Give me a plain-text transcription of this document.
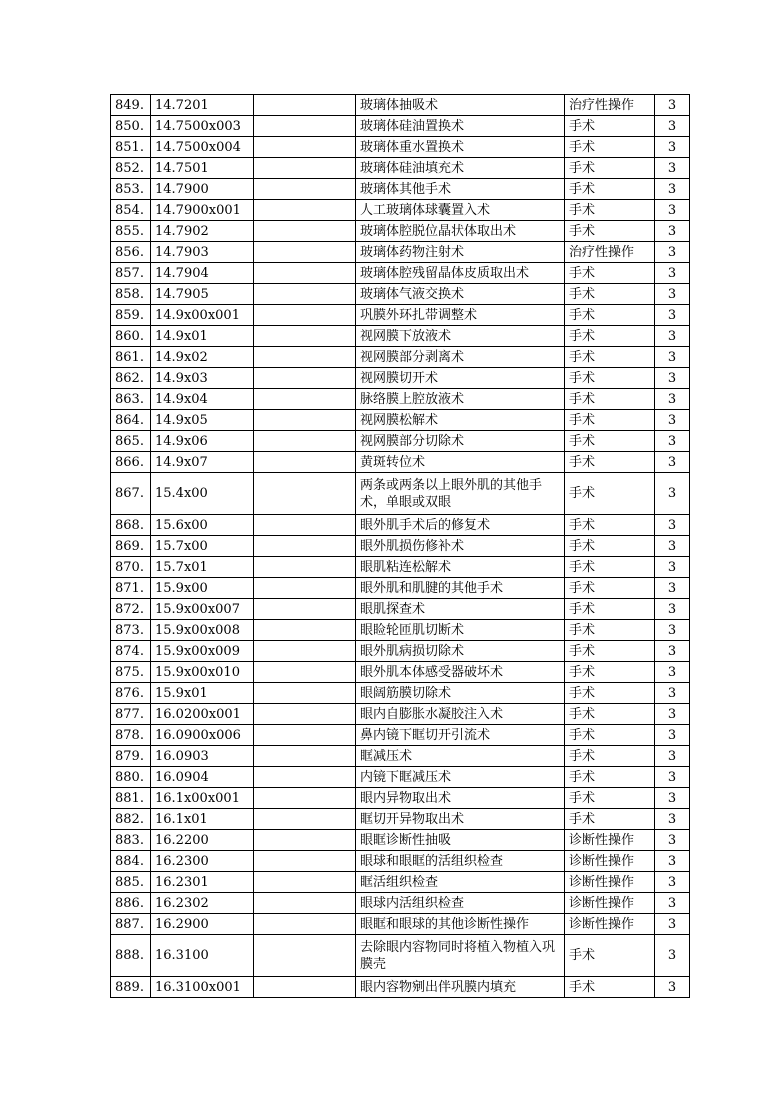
849.	14.7201		玻璃体抽吸术	治疗性操作	3
850.	14.7500x003		玻璃体硅油置换术	手术	3
851.	14.7500x004		玻璃体重水置换术	手术	3
852.	14.7501		玻璃体硅油填充术	手术	3
853.	14.7900		玻璃体其他手术	手术	3
854.	14.7900x001		人工玻璃体球囊置入术	手术	3
855.	14.7902		玻璃体腔脱位晶状体取出术	手术	3
856.	14.7903		玻璃体药物注射术	治疗性操作	3
857.	14.7904		玻璃体腔残留晶体皮质取出术	手术	3
858.	14.7905		玻璃体气液交换术	手术	3
859.	14.9x00x001		巩膜外环扎带调整术	手术	3
860.	14.9x01		视网膜下放液术	手术	3
861.	14.9x02		视网膜部分剥离术	手术	3
862.	14.9x03		视网膜切开术	手术	3
863.	14.9x04		脉络膜上腔放液术	手术	3
864.	14.9x05		视网膜松解术	手术	3
865.	14.9x06		视网膜部分切除术	手术	3
866.	14.9x07		黄斑转位术	手术	3
867.	15.4x00		两条或两条以上眼外肌的其他手术，单眼或双眼	手术	3
868.	15.6x00		眼外肌手术后的修复术	手术	3
869.	15.7x00		眼外肌损伤修补术	手术	3
870.	15.7x01		眼肌粘连松解术	手术	3
871.	15.9x00		眼外肌和肌腱的其他手术	手术	3
872.	15.9x00x007		眼肌探查术	手术	3
873.	15.9x00x008		眼睑轮匝肌切断术	手术	3
874.	15.9x00x009		眼外肌病损切除术	手术	3
875.	15.9x00x010		眼外肌本体感受器破坏术	手术	3
876.	15.9x01		眼阔筋膜切除术	手术	3
877.	16.0200x001		眼内自膨胀水凝胶注入术	手术	3
878.	16.0900x006		鼻内镜下眶切开引流术	手术	3
879.	16.0903		眶减压术	手术	3
880.	16.0904		内镜下眶减压术	手术	3
881.	16.1x00x001		眼内异物取出术	手术	3
882.	16.1x01		眶切开异物取出术	手术	3
883.	16.2200		眼眶诊断性抽吸	诊断性操作	3
884.	16.2300		眼球和眼眶的活组织检查	诊断性操作	3
885.	16.2301		眶活组织检查	诊断性操作	3
886.	16.2302		眼球内活组织检查	诊断性操作	3
887.	16.2900		眼眶和眼球的其他诊断性操作	诊断性操作	3
888.	16.3100		去除眼内容物同时将植入物植入巩膜壳	手术	3
889.	16.3100x001		眼内容物剜出伴巩膜内填充	手术	3
